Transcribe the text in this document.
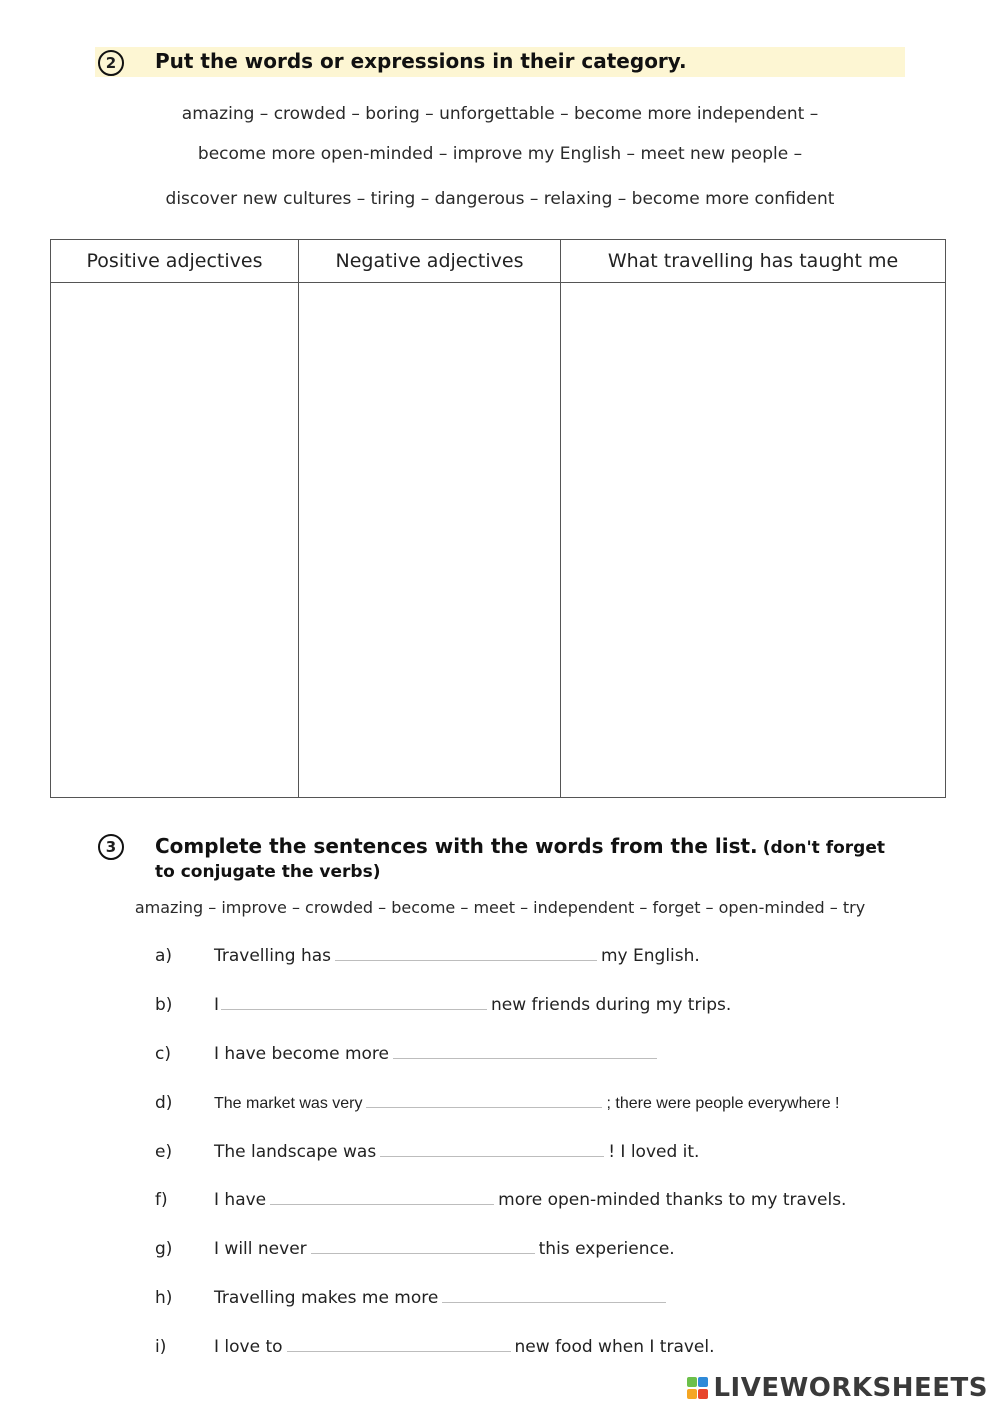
2	Put the words or expressions in their category.
amazing – crowded – boring – unforgettable – become more independent –
become more open-minded – improve my English – meet new people –
discover new cultures – tiring – dangerous – relaxing – become more confident
Positive adjectives	Negative adjectives	What travelling has taught me

3	Complete the sentences with the words from the list. (don't forget
to conjugate the verbs)
amazing – improve – crowded – become – meet – independent – forget – open-minded – try
a) Travelling has	my English.
b) I	new friends during my trips.
c)	I have become more
d)	The market was very	; there were people everywhere !
e) The landscape was	! I loved it.
f)	I have	more open-minded thanks to my travels.
g) I will never	this experience.
h) Travelling makes me more
i)	I love to	new food when I travel.
LIVEWORKSHEETS
